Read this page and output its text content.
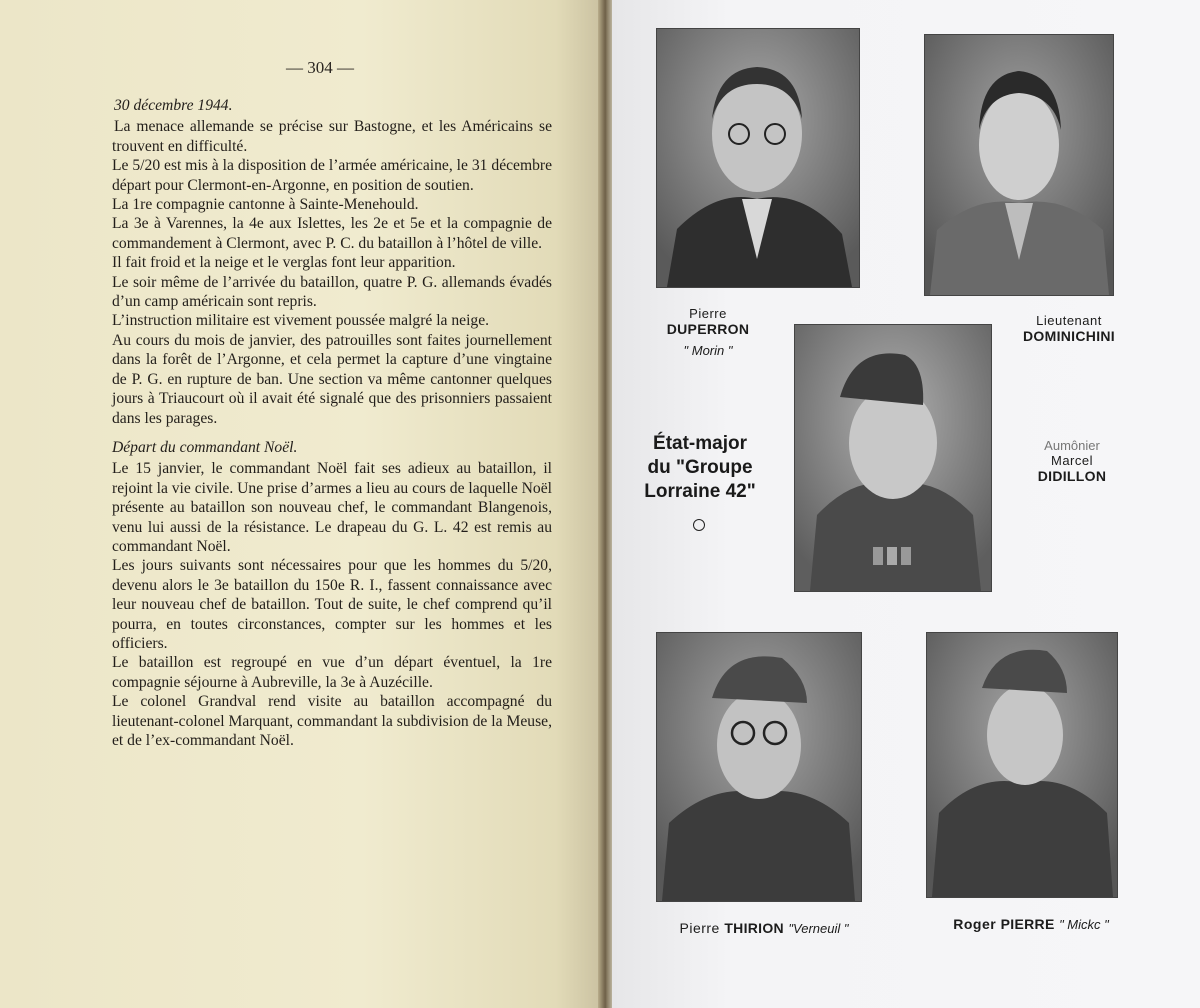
— 304 —

30 décembre 1944.

La menace allemande se précise sur Bastogne, et les Américains se trouvent en difficulté.

Le 5/20 est mis à la disposition de l’armée américaine, le 31 décembre départ pour Clermont-en-Argonne, en position de soutien.

La 1re compagnie cantonne à Sainte-Menehould.

La 3e à Varennes, la 4e aux Islettes, les 2e et 5e et la compagnie de commandement à Clermont, avec P. C. du bataillon à l’hôtel de ville.

Il fait froid et la neige et le verglas font leur apparition.

Le soir même de l’arrivée du bataillon, quatre P. G. allemands évadés d’un camp américain sont repris.

L’instruction militaire est vivement poussée malgré la neige.

Au cours du mois de janvier, des patrouilles sont faites journellement dans la forêt de l’Argonne, et cela permet la capture d’une vingtaine de P. G. en rupture de ban. Une section va même cantonner quelques jours à Triaucourt où il avait été signalé que des prisonniers passaient dans les parages.

Départ du commandant Noël.

Le 15 janvier, le commandant Noël fait ses adieux au bataillon, il rejoint la vie civile. Une prise d’armes a lieu au cours de laquelle Noël présente au bataillon son nouveau chef, le commandant Blangenois, venu lui aussi de la résistance. Le drapeau du G. L. 42 est remis au commandant Noël.

Les jours suivants sont nécessaires pour que les hommes du 5/20, devenu alors le 3e bataillon du 150e R. I., fassent connaissance avec leur nouveau chef de bataillon. Tout de suite, le chef comprend qu’il pourra, en toutes circonstances, compter sur les hommes et les officiers.

Le bataillon est regroupé en vue d’un départ éventuel, la 1re compagnie séjourne à Aubreville, la 3e à Auzécille.

Le colonel Grandval rend visite au bataillon accompagné du lieutenant-colonel Marquant, commandant la subdivision de la Meuse, et de l’ex-commandant Noël.

Pierre
DUPERRON
" Morin "
Lieutenant
DOMINICHINI
État-major
du "Groupe
Lorraine 42"
Aumônier
Marcel
DIDILLON
Pierre THIRION "Verneuil "	Roger PIERRE " Mickc "
